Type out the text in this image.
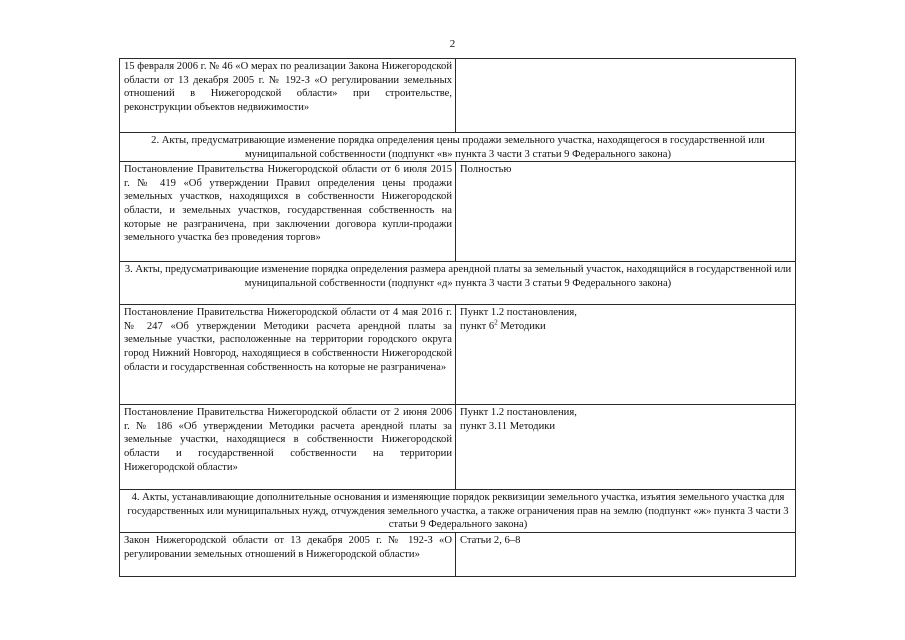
2
15 февраля 2006 г. № 46 «О мерах по реализации Закона Нижегородской области от 13 декабря 2005 г. № 192-З «О регулировании земельных отношений в Нижегородской области» при строительстве, реконструкции объектов недвижимости»	
2. Акты, предусматривающие изменение порядка определения цены продажи земельного участка, находящегося в государственной или муниципальной собственности (подпункт «в» пункта 3 части 3 статьи 9 Федерального закона)	
Постановление Правительства Нижегородской области от 6 июля 2015 г. № 419 «Об утверждении Правил определения цены продажи земельных участков, находящихся в собственности Нижегородской области, и земельных участков, государственная собственность на которые не разграничена, при заключении договора купли-продажи земельного участка без проведения торгов»	Полностью
3. Акты, предусматривающие изменение порядка определения размера арендной платы за земельный участок, находящийся в государственной или муниципальной собственности (подпункт «д» пункта 3 части 3 статьи 9 Федерального закона)	
Постановление Правительства Нижегородской области от 4 мая 2016 г. № 247 «Об утверждении Методики расчета арендной платы за земельные участки, расположенные на территории городского округа город Нижний Новгород, находящиеся в собственности Нижегородской области и государственная собственность на которые не разграничена»	Пункт 1.2 постановления,
пункт $6^2$ Методики

Постановление Правительства Нижегородской области от 2 июня 2006 г. № 186 «Об утверждении Методики расчета арендной платы за земельные участки, находящиеся в собственности Нижегородской области и государственной собственности на территории Нижегородской области»	Пункт 1.2 постановления,
пункт 3.11 Методики

4. Акты, устанавливающие дополнительные основания и изменяющие порядок реквизиции земельного участка, изъятия земельного участка для государственных или муниципальных нужд, отчуждения земельного участка, а также ограничения прав на землю (подпункт «ж» пункта 3 части 3 статьи 9 Федерального закона)	
Закон Нижегородской области от 13 декабря 2005 г. № 192-З «О регулировании земельных отношений в Нижегородской области»	Статьи 2, 6–8
